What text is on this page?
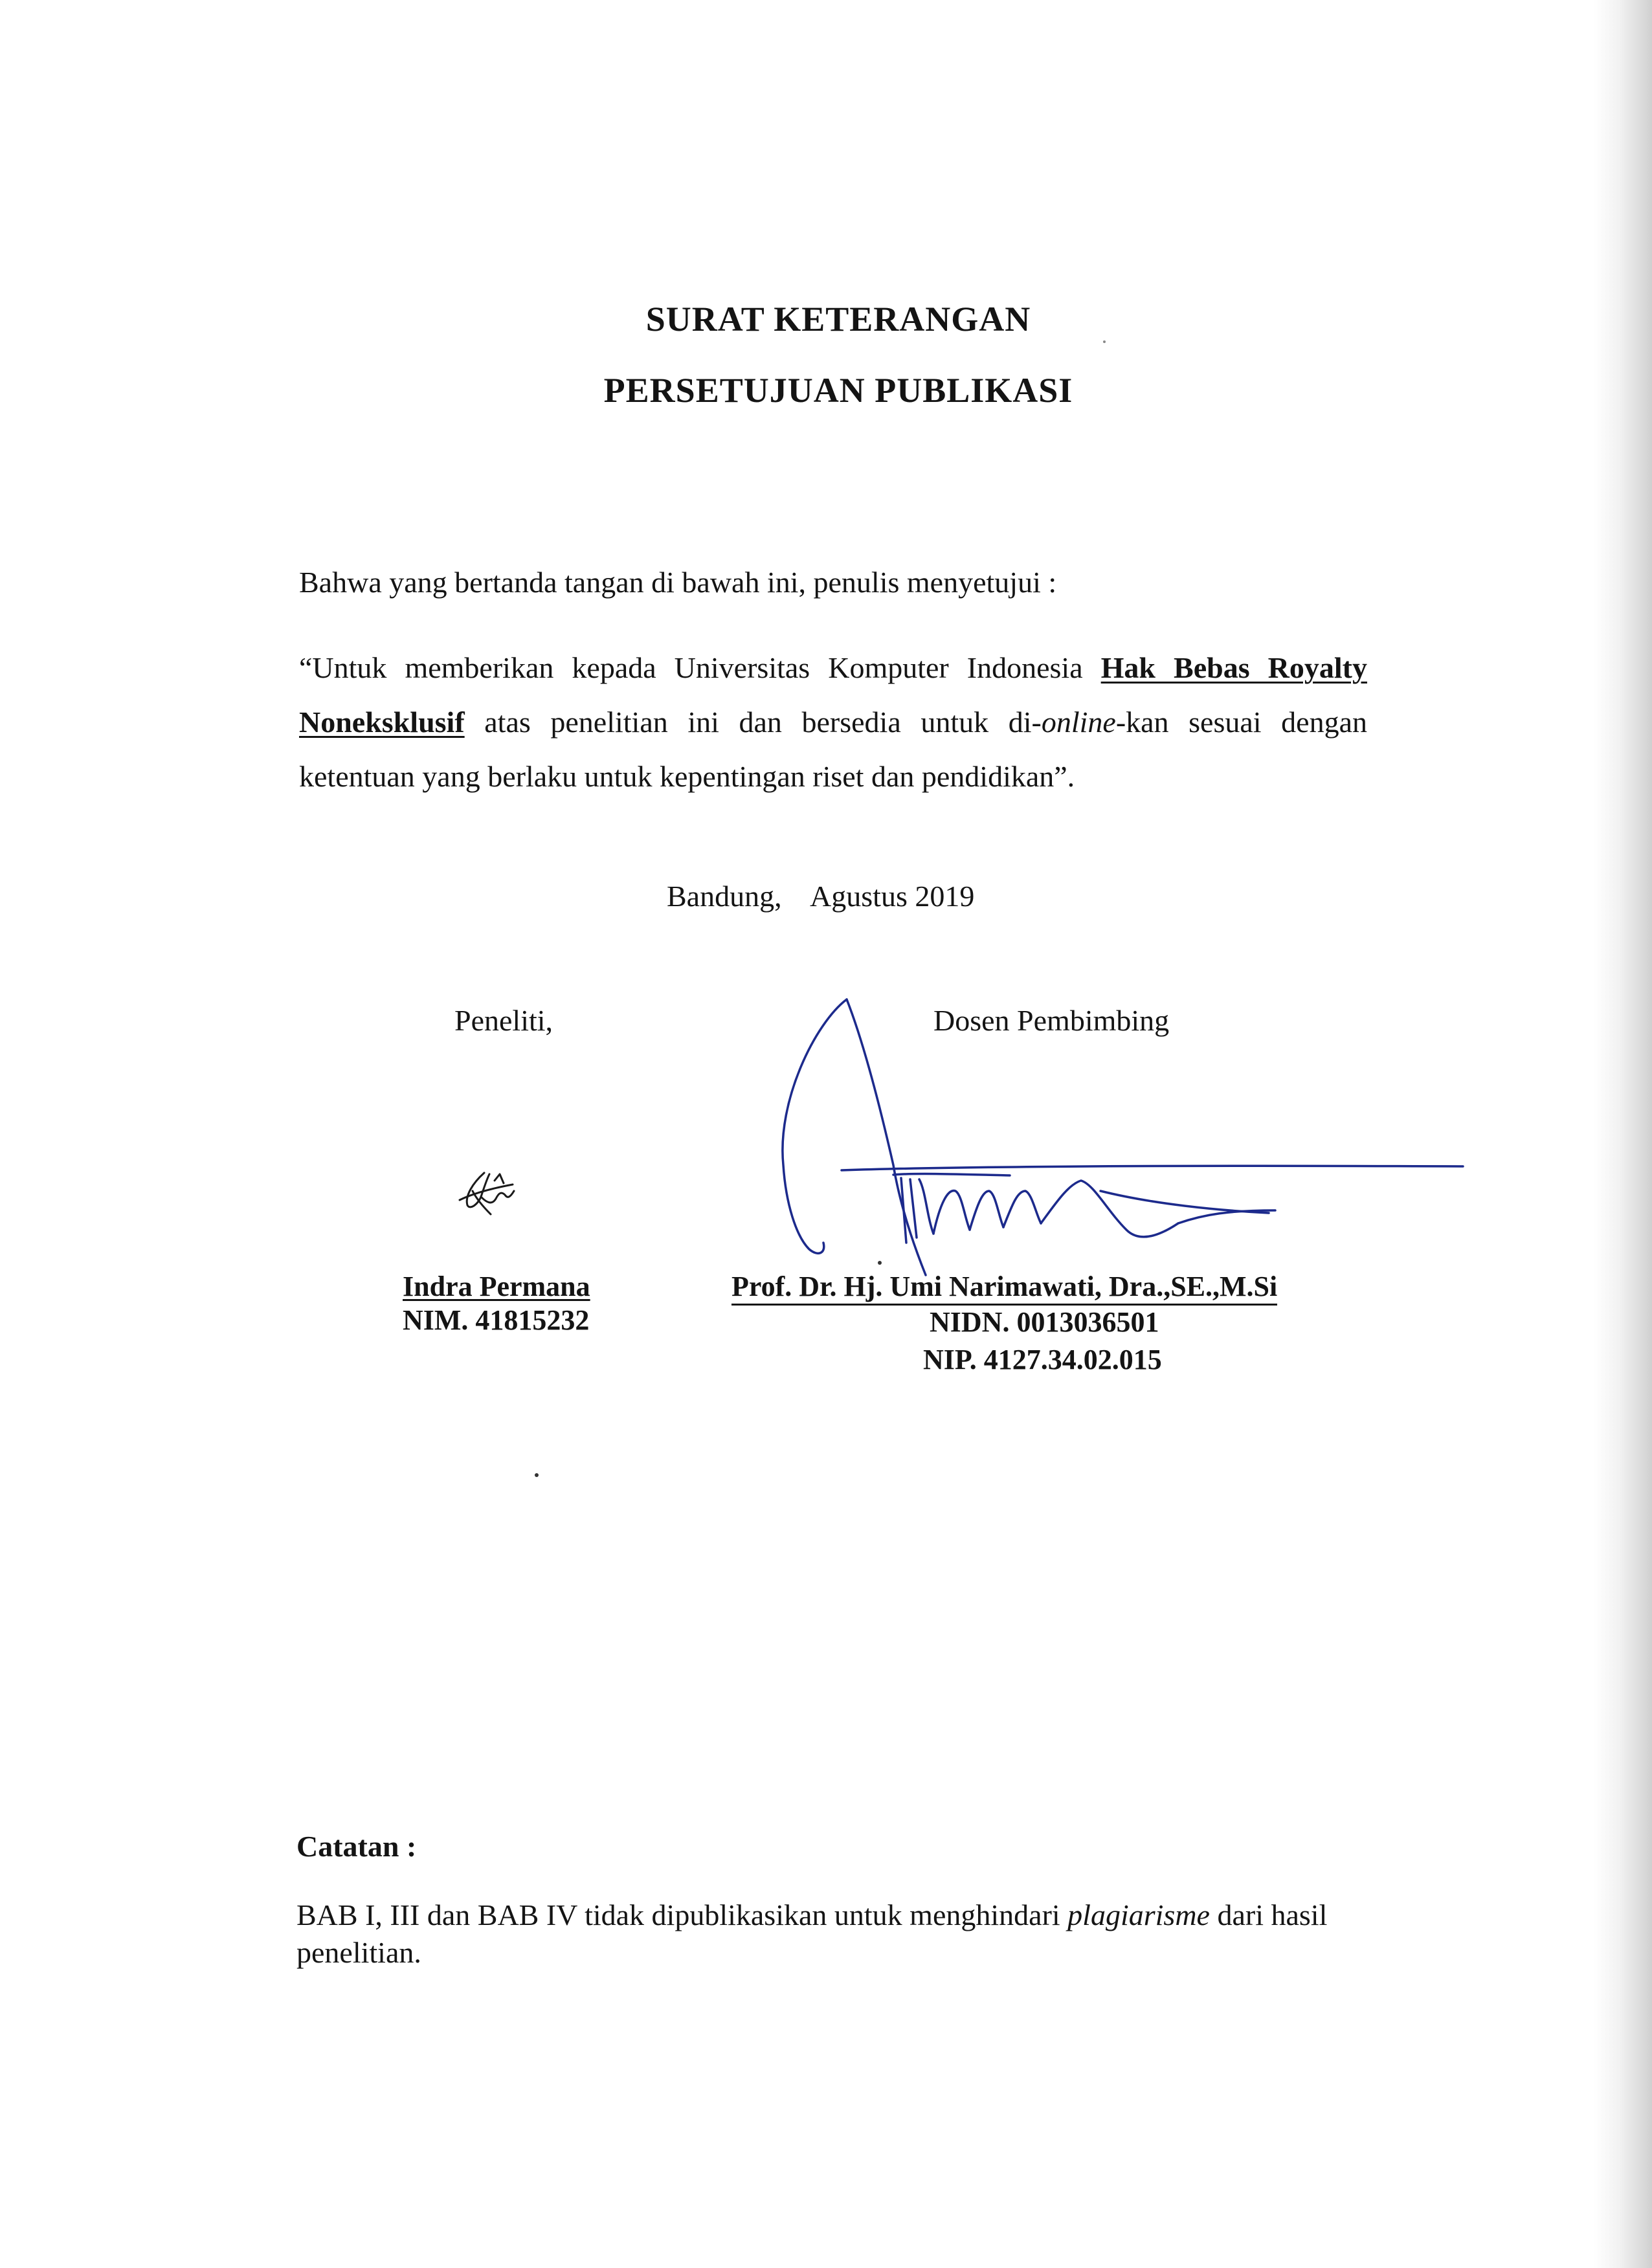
SURAT KETERANGAN
PERSETUJUAN PUBLIKASI

Bahwa yang bertanda tangan di bawah ini, penulis menyetujui :

“Untuk memberikan kepada Universitas Komputer Indonesia Hak Bebas Royalty Noneksklusif atas penelitian ini dan bersedia untuk di-online-kan sesuai dengan ketentuan yang berlaku untuk kepentingan riset dan pendidikan”.

Bandung,    Agustus 2019
Peneliti,	Dosen Pembimbing
Indra Permana
NIM. 41815232
Prof. Dr. Hj. Umi Narimawati, Dra.,SE.,M.Si
NIDN. 0013036501
NIP. 4127.34.02.015
Catatan :

BAB I, III dan BAB IV tidak dipublikasikan untuk menghindari plagiarisme dari hasil penelitian.
